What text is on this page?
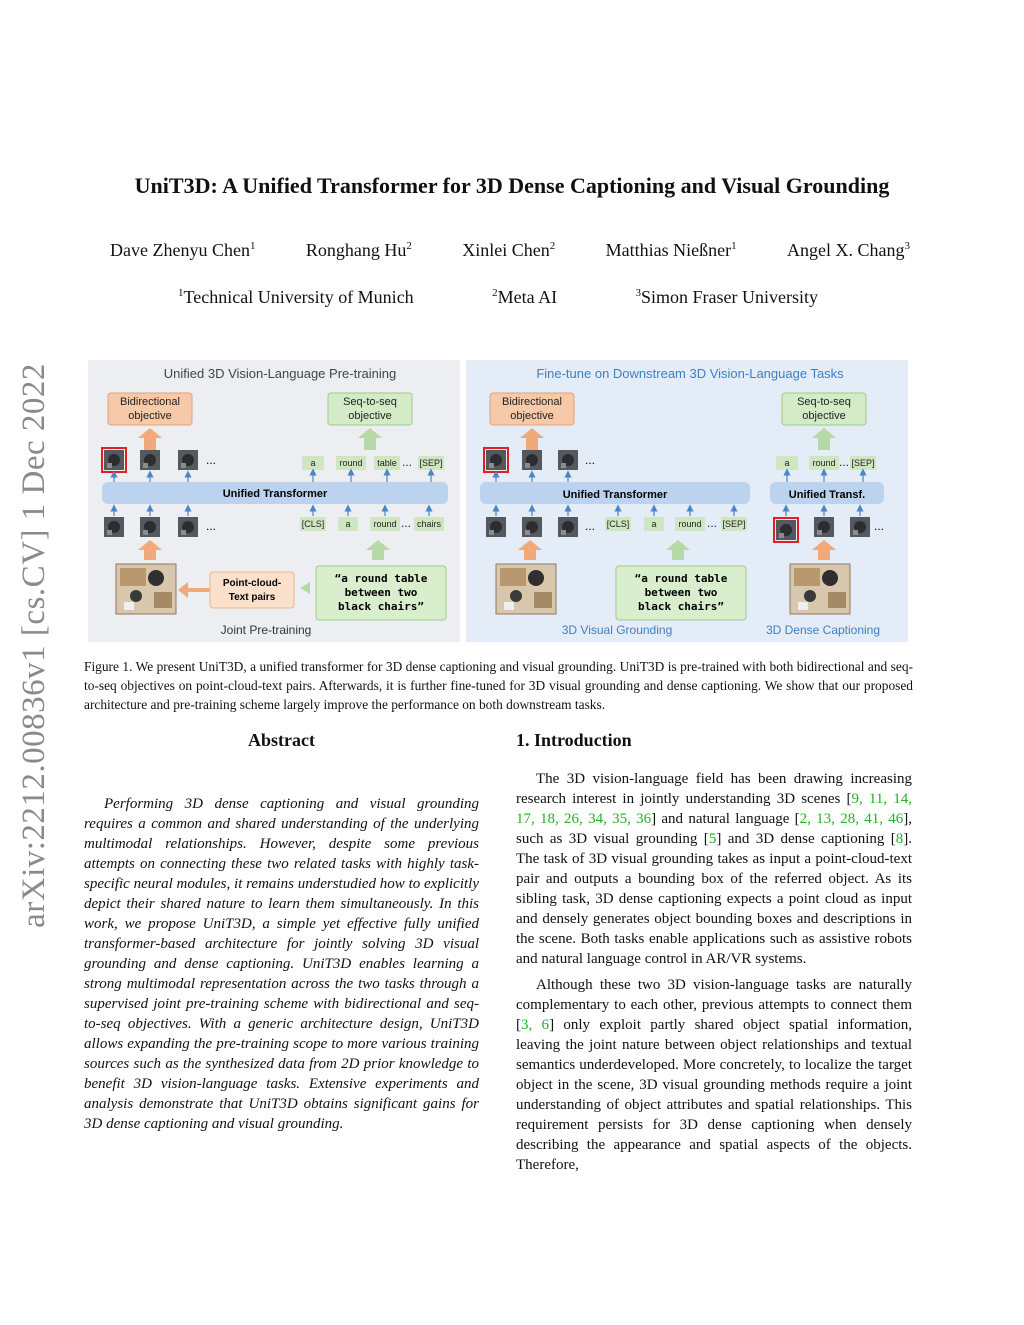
UniT3D: A Unified Transformer for 3D Dense Captioning and Visual Grounding
Dave Zhenyu Chen$^1$	Ronghang Hu$^2$	Xinlei Chen$^2$	Matthias Nießner$^1$	Angel X. Chang$^3$
$^1$Technical University of Munich	$^2$Meta AI	$^3$Simon Fraser University
arXiv:2212.00836v1 [cs.CV] 1 Dec 2022	Unified 3D Vision-Language Pre-training	Fine-tune on Downstream 3D Vision-Language Tasks
Bidirectional
objective
Seq-to-seq
objective
...	a	round table ... [SEP]
Unified Transformer
...	[CLS] a	round ... chairs
Point-cloud-
Text pairs
“a round table
between two
black chairs”
Joint Pre-training
Bidirectional
objective
...
Unified Transformer
... [CLS] a round ... [SEP]
“a round table
between two
black chairs”
3D Visual Grounding
Seq-to-seq
objective
a	round ... [SEP]
Unified Transf.
...
3D Dense Captioning
Figure 1. We present UniT3D, a unified transformer for 3D dense captioning and visual grounding. UniT3D is pre-trained with both bidirectional and seq-to-seq objectives on point-cloud-text pairs. Afterwards, it is further fine-tuned for 3D visual grounding and dense captioning. We show that our proposed architecture and pre-training scheme largely improve the performance on both downstream tasks.
Abstract	1. Introduction

Performing 3D dense captioning and visual grounding requires a common and shared understanding of the underlying multimodal relationships. However, despite some previous attempts on connecting these two related tasks with highly task-specific neural modules, it remains understudied how to explicitly depict their shared nature to learn them simultaneously. In this work, we propose UniT3D, a simple yet effective fully unified transformer-based architecture for jointly solving 3D visual grounding and dense captioning. UniT3D enables learning a strong multimodal representation across the two tasks through a supervised joint pre-training scheme with bidirectional and seq-to-seq objectives. With a generic architecture design, UniT3D allows expanding the pre-training scope to more various training sources such as the synthesized data from 2D prior knowledge to benefit 3D vision-language tasks. Extensive experiments and analysis demonstrate that UniT3D obtains significant gains for 3D dense captioning and visual grounding.

The 3D vision-language field has been drawing increasing research interest in jointly understanding 3D scenes [9, 11, 14, 17, 18, 26, 34, 35, 36] and natural language [2, 13, 28, 41, 46], such as 3D visual grounding [5] and 3D dense captioning [8]. The task of 3D visual grounding takes as input a point-cloud-text pair and outputs a bounding box of the referred object. As its sibling task, 3D dense captioning expects a point cloud as input and densely generates object bounding boxes and descriptions in the scene. Both tasks enable applications such as assistive robots and natural language control in AR/VR systems.

Although these two 3D vision-language tasks are naturally complementary to each other, previous attempts to connect them [3, 6] only exploit partly shared object spatial information, leaving the joint nature between object relationships and textual semantics underdeveloped. More concretely, to localize the target object in the scene, 3D visual grounding methods require a joint understanding of object attributes and spatial relationships. This requirement persists for 3D dense captioning when densely describing the appearance and spatial aspects of the objects. Therefore,
